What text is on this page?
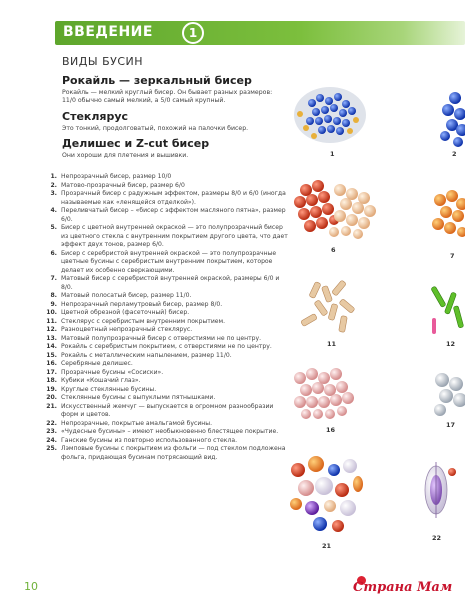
ВВЕДЕНИЕ	1
ВИДЫ БУСИН
Рокайль — зеркальный бисер
Рокайль — мелкий круглый бисер. Он бывает разных размеров: 11/0 обычно самый мелкий, а 5/0 самый крупный.
Стеклярус
Это тонкий, продолговатый, похожий на палочки бисер.
Делишес и Z-cut бисер
Они хороши для плетения и вышивки.
1. Непрозрачный бисер, размер 10/0
2. Матово-прозрачный бисер, размер 6/0
3. Прозрачный бисер с радужным эффектом, размеры 8/0 и 6/0 (иногда называемые как «ленящейся отделкой»).
4. Переливчатый бисер – «бисер с эффектом масляного пятна», размер 6/0.
5. Бисер с цветной внутренней окраской — это полупрозрачный бисер из цветного стекла с внутренним покрытием другого цвета, что дает эффект двух тонов, размер 6/0.
6. Бисер с серебристой внутренней окраской — это полупрозрачные цветные бусины с серебристым внутренним покрытием, которое делает их особенно сверкающими.
7. Матовый бисер с серебристой внутренней окраской, размеры 6/0 и 8/0.
8. Матовый полосатый бисер, размер 11/0.
9. Непрозрачный перламутровый бисер, размер 8/0.
10. Цветной обрезной (фасеточный) бисер.
11. Стеклярус с серебристым внутренним покрытием.
12. Разноцветный непрозрачный стеклярус.
13. Матовый полупрозрачный бисер с отверстиями не по центру.
14. Рокайль с серебристым покрытием, с отверстиями не по центру.
15. Рокайль с металлическим напылением, размер 11/0.
16. Серебряные делишес.
17. Прозрачные бусины «Сосиски».
18. Кубики «Кошачий глаз».
19. Круглые стеклянные бусины.
20. Стеклянные бусины с выпуклыми пятнышками.
21. Искусственный жемчуг — выпускается в огромном разнообразии форм и цветов.
22. Непрозрачные, покрытые амальгамой бусины.
23. «Чудесные бусины» – имеют необыкновенно блестящее покрытие.
24. Ганские бусины из повторно использованного стекла.
25. Лэмповые бусины с покрытием из фольги — под стеклом подложена фольга, придающая бусинам потрясающий вид.
1	2
6
7
11	12
16
17
21
22
10	Страна Мам
